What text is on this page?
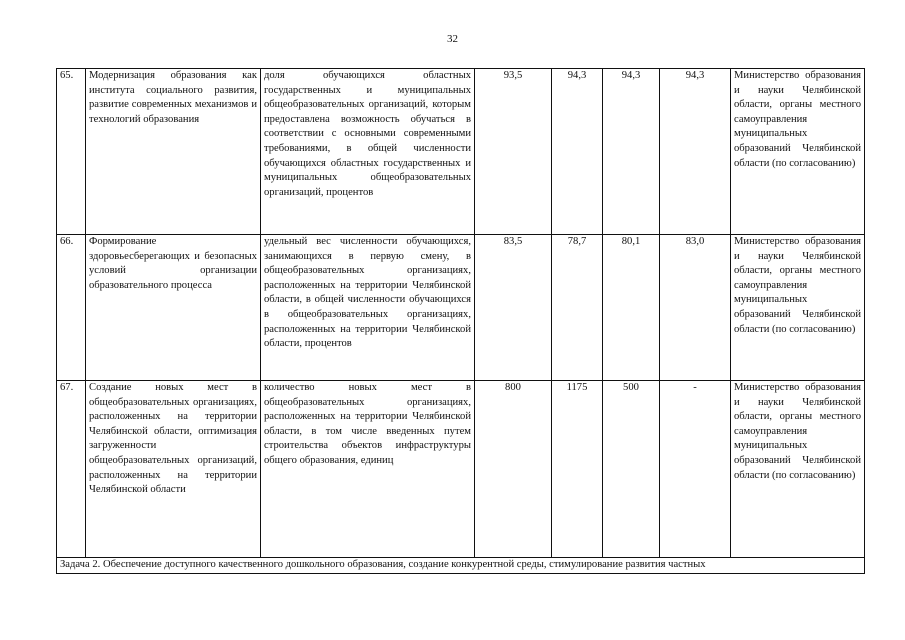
32
65.	Модернизация образования как института социального развития, развитие современных механизмов и технологий образования	доля обучающихся областных государственных и муниципальных общеобразовательных организаций, которым предоставлена возможность обучаться в соответствии с основными современными требованиями, в общей численности обучающихся областных государственных и муниципальных общеобразовательных организаций, процентов	93,5	94,3	94,3	94,3	Министерство образования и науки Челябинской области, органы местного самоуправления муниципальных образований Челябинской области (по согласованию)
66.	Формирование здоровьесберегающих и безопасных условий организации образовательного процесса	удельный вес численности обучающихся, занимающихся в первую смену, в общеобразовательных организациях, расположенных на территории Челябинской области, в общей численности обучающихся в общеобразовательных организациях, расположенных на территории Челябинской области, процентов	83,5	78,7	80,1	83,0	Министерство образования и науки Челябинской области, органы местного самоуправления муниципальных образований Челябинской области (по согласованию)
67.	Создание новых мест в общеобразовательных организациях, расположенных на территории Челябинской области, оптимизация загруженности общеобразовательных организаций, расположенных на территории Челябинской области	количество новых мест в общеобразовательных организациях, расположенных на территории Челябинской области, в том числе введенных путем строительства объектов инфраструктуры общего образования, единиц	800	1175	500	-	Министерство образования и науки Челябинской области, органы местного самоуправления муниципальных образований Челябинской области (по согласованию)
Задача 2. Обеспечение доступного качественного дошкольного образования, создание конкурентной среды, стимулирование развития частных							
